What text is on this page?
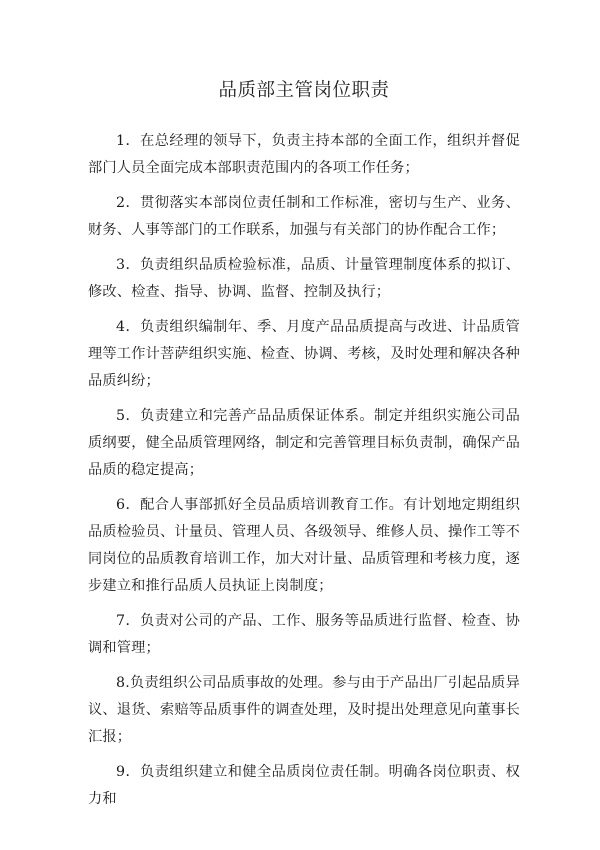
品质部主管岗位职责

1．在总经理的领导下，负责主持本部的全面工作，组织并督促部门人员全面完成本部职责范围内的各项工作任务；

2．贯彻落实本部岗位责任制和工作标准，密切与生产、业务、财务、人事等部门的工作联系，加强与有关部门的协作配合工作；

3．负责组织品质检验标准，品质、计量管理制度体系的拟订、修改、检查、指导、协调、监督、控制及执行；

4．负责组织编制年、季、月度产品品质提高与改进、计品质管理等工作计菩萨组织实施、检查、协调、考核，及时处理和解决各种品质纠纷；

5．负责建立和完善产品品质保证体系。制定并组织实施公司品质纲要，健全品质管理网络，制定和完善管理目标负责制，确保产品品质的稳定提高；

6．配合人事部抓好全员品质培训教育工作。有计划地定期组织品质检验员、计量员、管理人员、各级领导、维修人员、操作工等不同岗位的品质教育培训工作，加大对计量、品质管理和考核力度，逐步建立和推行品质人员执证上岗制度；

7．负责对公司的产品、工作、服务等品质进行监督、检查、协调和管理；

8.负责组织公司品质事故的处理。参与由于产品出厂引起品质异议、退货、索赔等品质事件的调查处理，及时提出处理意见向董事长汇报；

9．负责组织建立和健全品质岗位责任制。明确各岗位职责、权力和
